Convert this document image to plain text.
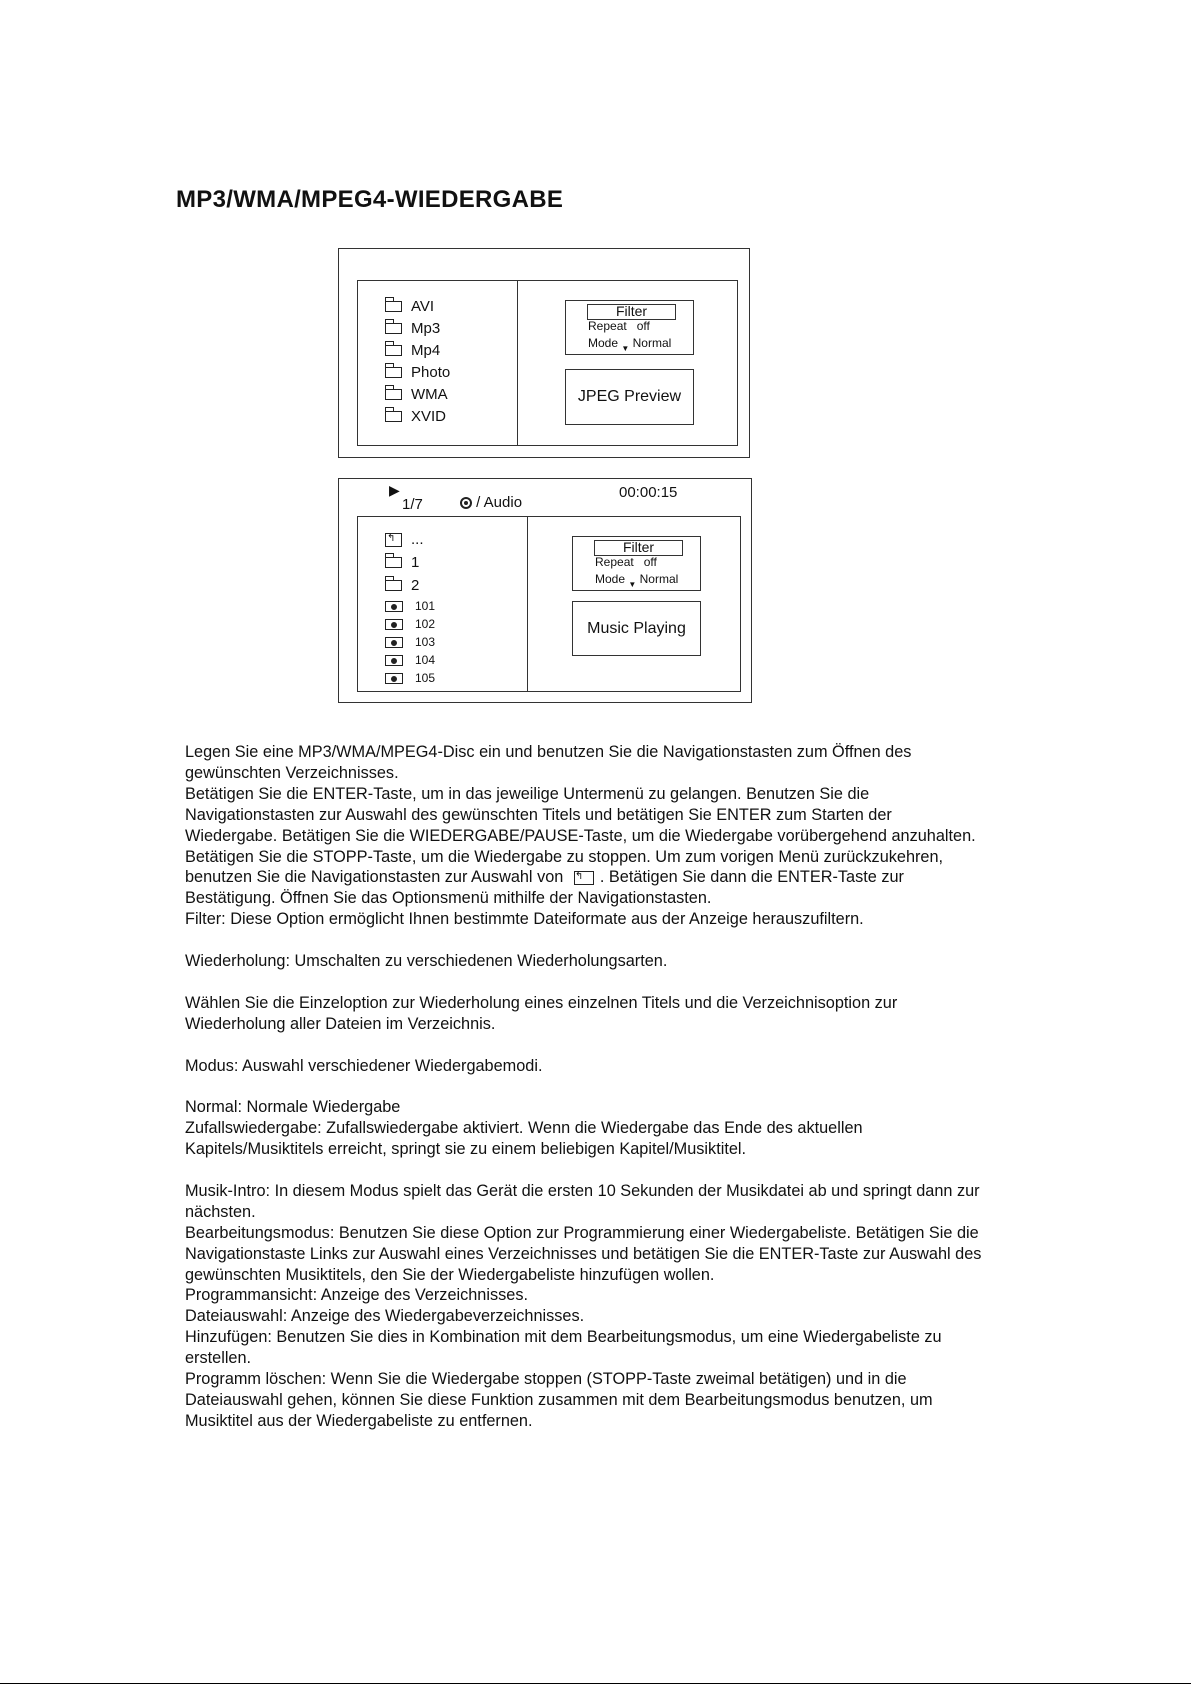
MP3/WMA/MPEG4-WIEDERGABE
AVI
Mp3
Mp4
Photo
WMA
XVID
Filter
Repeat off
Mode $_▼$ Normal
JPEG Preview
▶
1/7	/ Audio
00:00:15
↰	...
1
2
101
102
103
104
105
Filter
Repeat off
Mode $_▼$ Normal
Music Playing

Legen Sie eine MP3/WMA/MPEG4-Disc ein und benutzen Sie die Navigationstasten zum Öffnen des gewünschten Verzeichnisses.

Betätigen Sie die ENTER-Taste, um in das jeweilige Untermenü zu gelangen. Benutzen Sie die Navigationstasten zur Auswahl des gewünschten Titels und betätigen Sie ENTER zum Starten der Wiedergabe. Betätigen Sie die WIEDERGABE/PAUSE-Taste, um die Wiedergabe vorübergehend anzuhalten. Betätigen Sie die STOPP-Taste, um die Wiedergabe zu stoppen. Um zum vorigen Menü zurückzukehren, benutzen Sie die Navigationstasten zur Auswahl von ↰ . Betätigen Sie dann die ENTER-Taste zur Bestätigung. Öffnen Sie das Optionsmenü mithilfe der Navigationstasten.

Filter: Diese Option ermöglicht Ihnen bestimmte Dateiformate aus der Anzeige herauszufiltern.

Wiederholung: Umschalten zu verschiedenen Wiederholungsarten.

Wählen Sie die Einzeloption zur Wiederholung eines einzelnen Titels und die Verzeichnisoption zur Wiederholung aller Dateien im Verzeichnis.

Modus: Auswahl verschiedener Wiedergabemodi.

Normal: Normale Wiedergabe

Zufallswiedergabe: Zufallswiedergabe aktiviert. Wenn die Wiedergabe das Ende des aktuellen Kapitels/Musiktitels erreicht, springt sie zu einem beliebigen Kapitel/Musiktitel.

Musik-Intro: In diesem Modus spielt das Gerät die ersten 10 Sekunden der Musikdatei ab und springt dann zur nächsten.

Bearbeitungsmodus: Benutzen Sie diese Option zur Programmierung einer Wiedergabeliste. Betätigen Sie die Navigationstaste Links zur Auswahl eines Verzeichnisses und betätigen Sie die ENTER-Taste zur Auswahl des gewünschten Musiktitels, den Sie der Wiedergabeliste hinzufügen wollen.

Programmansicht: Anzeige des Verzeichnisses.

Dateiauswahl: Anzeige des Wiedergabeverzeichnisses.

Hinzufügen: Benutzen Sie dies in Kombination mit dem Bearbeitungsmodus, um eine Wiedergabeliste zu erstellen.

Programm löschen: Wenn Sie die Wiedergabe stoppen (STOPP-Taste zweimal betätigen) und in die Dateiauswahl gehen, können Sie diese Funktion zusammen mit dem Bearbeitungsmodus benutzen, um Musiktitel aus der Wiedergabeliste zu entfernen.
